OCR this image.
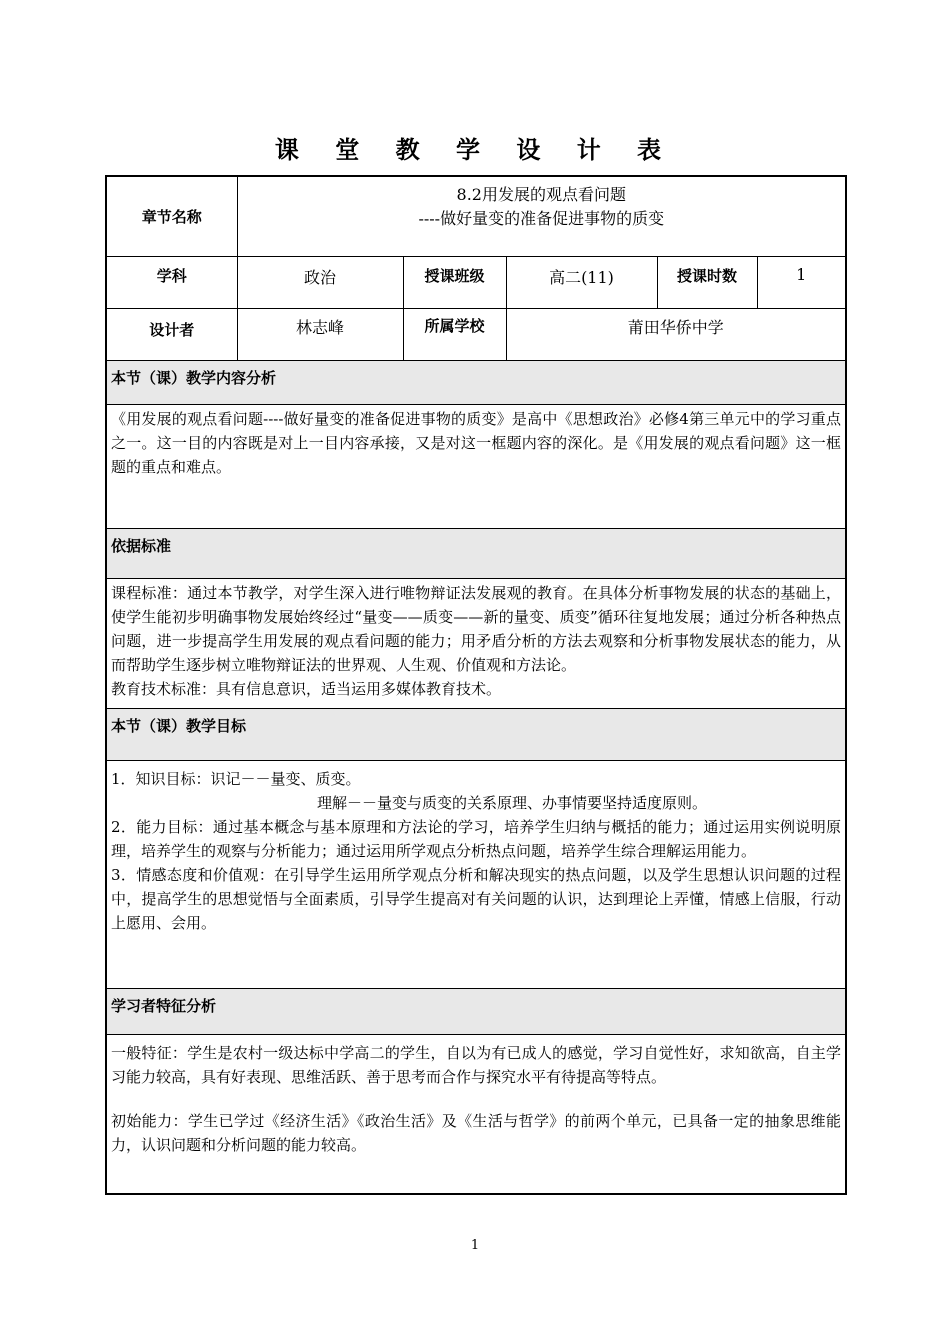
课 堂 教 学 设 计 表
章节名称	8.2用发展的观点看问题
----做好量变的准备促进事物的质变				

学科	政治	授课班级	高二(11)	授课时数	1
设计者	林志峰	所属学校	莆田华侨中学		
本节（课）教学内容分析					

《用发展的观点看问题----做好量变的准备促进事物的质变》是高中《思想政治》必修4第三单元中的学习重点之一。这一目的内容既是对上一目内容承接，又是对这一框题内容的深化。是《用发展的观点看问题》这一框题的重点和难点。					

依据标准					

课程标准：通过本节教学，对学生深入进行唯物辩证法发展观的教育。在具体分析事物发展的状态的基础上，使学生能初步明确事物发展始终经过“量变——质变——新的量变、质变”循环往复地发展；通过分析各种热点问题，进一步提高学生用发展的观点看问题的能力；用矛盾分析的方法去观察和分析事物发展状态的能力，从而帮助学生逐步树立唯物辩证法的世界观、人生观、价值观和方法论。

教育技术标准：具有信息意识，适当运用多媒体教育技术。					

本节（课）教学目标					

1．知识目标：识记－－量变、质变。

理解－－量变与质变的关系原理、办事情要坚持适度原则。

2．能力目标：通过基本概念与基本原理和方法论的学习，培养学生归纳与概括的能力；通过运用实例说明原理，培养学生的观察与分析能力；通过运用所学观点分析热点问题，培养学生综合理解运用能力。

3．情感态度和价值观：在引导学生运用所学观点分析和解决现实的热点问题，以及学生思想认识问题的过程中，提高学生的思想觉悟与全面素质，引导学生提高对有关问题的认识，达到理论上弄懂，情感上信服，行动上愿用、会用。					

学习者特征分析					

一般特征：学生是农村一级达标中学高二的学生，自以为有已成人的感觉，学习自觉性好，求知欲高，自主学习能力较高，具有好表现、思维活跃、善于思考而合作与探究水平有待提高等特点。

初始能力：学生已学过《经济生活》《政治生活》及《生活与哲学》的前两个单元，已具备一定的抽象思维能力，认识问题和分析问题的能力较高。					

1
